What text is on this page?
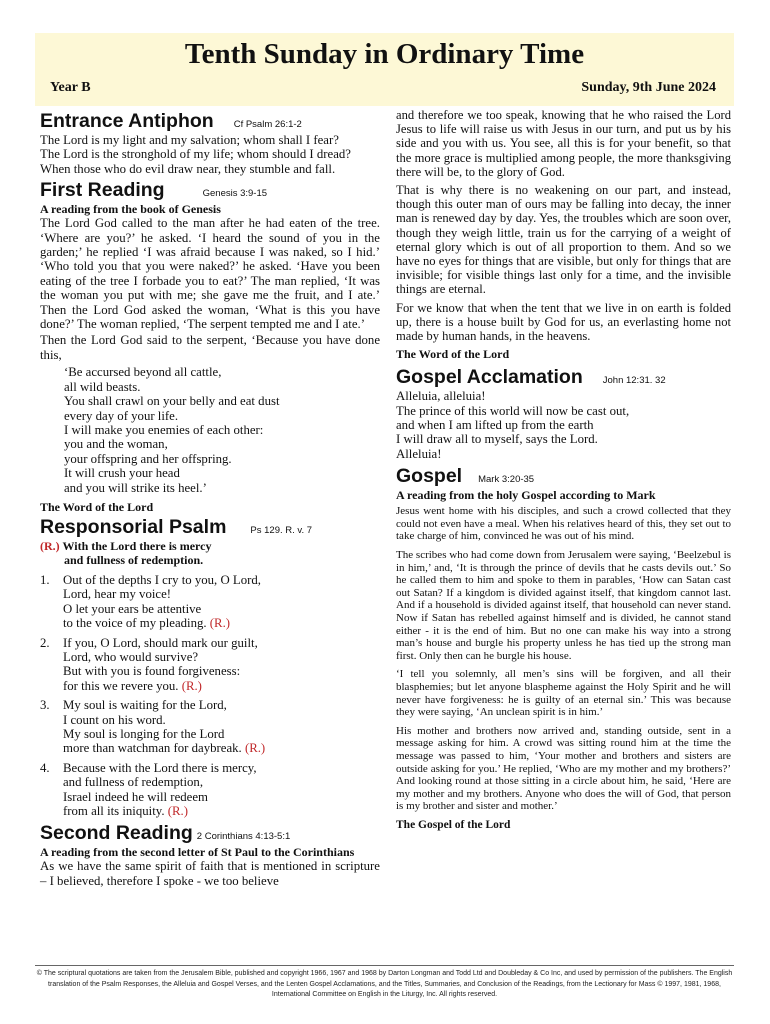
Tenth Sunday in Ordinary Time
Year B	Sunday, 9th June 2024
Entrance Antiphon Cf Psalm 26:1-2

The Lord is my light and my salvation; whom shall I fear?

The Lord is the stronghold of my life; whom should I dread?

When those who do evil draw near, they stumble and fall.

First Reading	Genesis 3:9-15

A reading from the book of Genesis

The Lord God called to the man after he had eaten of the tree. ‘Where are you?’ he asked. ‘I heard the sound of you in the garden;’ he replied ‘I was afraid because I was naked, so I hid.’ ‘Who told you that you were naked?’ he asked. ‘Have you been eating of the tree I forbade you to eat?’ The man replied, ‘It was the woman you put with me; she gave me the fruit, and I ate.’ Then the Lord God asked the woman, ‘What is this you have done?’ The woman replied, ‘The serpent tempted me and I ate.’

Then the Lord God said to the serpent, ‘Because you have done this,

‘Be accursed beyond all cattle,

all wild beasts.

You shall crawl on your belly and eat dust

every day of your life.

I will make you enemies of each other:

you and the woman,

your offspring and her offspring.

It will crush your head

and you will strike its heel.’

The Word of the Lord

Responsorial Psalm	Ps 129. R. v. 7

(R.) With the Lord there is mercy

and fullness of redemption.

1. Out of the depths I cry to you, O Lord,

Lord, hear my voice!

O let your ears be attentive

to the voice of my pleading. (R.)

2. If you, O Lord, should mark our guilt,

Lord, who would survive?

But with you is found forgiveness:

for this we revere you. (R.)

3. My soul is waiting for the Lord,

I count on his word.

My soul is longing for the Lord

more than watchman for daybreak. (R.)

4. Because with the Lord there is mercy,

and fullness of redemption,

Israel indeed he will redeem

from all its iniquity. (R.)

Second Reading 2 Corinthians 4:13-5:1

A reading from the second letter of St Paul to the Corinthians

As we have the same spirit of faith that is mentioned in scripture – I believed, therefore I spoke - we too believe

and therefore we too speak, knowing that he who raised the Lord Jesus to life will raise us with Jesus in our turn, and put us by his side and you with us. You see, all this is for your benefit, so that the more grace is multiplied among people, the more thanksgiving there will be, to the glory of God.

That is why there is no weakening on our part, and instead, though this outer man of ours may be falling into decay, the inner man is renewed day by day. Yes, the troubles which are soon over, though they weigh little, train us for the carrying of a weight of eternal glory which is out of all proportion to them. And so we have no eyes for things that are visible, but only for things that are invisible; for visible things last only for a time, and the invisible things are eternal.

For we know that when the tent that we live in on earth is folded up, there is a house built by God for us, an everlasting home not made by human hands, in the heavens.

The Word of the Lord

Gospel Acclamation John 12:31. 32

Alleluia, alleluia!

The prince of this world will now be cast out,

and when I am lifted up from the earth

I will draw all to myself, says the Lord.

Alleluia!

Gospel Mark 3:20-35

A reading from the holy Gospel according to Mark

Jesus went home with his disciples, and such a crowd collected that they could not even have a meal. When his relatives heard of this, they set out to take charge of him, convinced he was out of his mind.

The scribes who had come down from Jerusalem were saying, ‘Beelzebul is in him,’ and, ‘It is through the prince of devils that he casts devils out.’ So he called them to him and spoke to them in parables, ‘How can Satan cast out Satan? If a kingdom is divided against itself, that kingdom cannot last. And if a household is divided against itself, that household can never stand. Now if Satan has rebelled against himself and is divided, he cannot stand either - it is the end of him. But no one can make his way into a strong man’s house and burgle his property unless he has tied up the strong man first. Only then can he burgle his house.

‘I tell you solemnly, all men’s sins will be forgiven, and all their blasphemies; but let anyone blaspheme against the Holy Spirit and he will never have forgiveness: he is guilty of an eternal sin.’ This was because they were saying, ‘An unclean spirit is in him.’

His mother and brothers now arrived and, standing outside, sent in a message asking for him. A crowd was sitting round him at the time the message was passed to him, ‘Your mother and brothers and sisters are outside asking for you.’ He replied, ‘Who are my mother and my brothers?’ And looking round at those sitting in a circle about him, he said, ‘Here are my mother and my brothers. Anyone who does the will of God, that person is my brother and sister and mother.’

The Gospel of the Lord

© The scriptural quotations are taken from the Jerusalem Bible, published and copyright 1966, 1967 and 1968 by Darton Longman and Todd Ltd and Doubleday & Co Inc, and used by permission of the publishers. The English translation of the Psalm Responses, the Alleluia and Gospel Verses, and the Lenten Gospel Acclamations, and the Titles, Summaries, and Conclusion of the Readings, from the Lectionary for Mass © 1997, 1981, 1968, International Committee on English in the Liturgy, Inc. All rights reserved.
